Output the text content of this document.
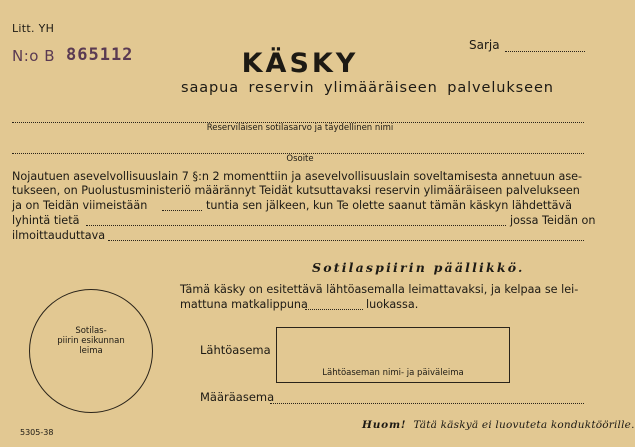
Litt. YH
N:o B 865112	Sarja
KÄSKY
saapua reservin ylimääräiseen palvelukseen
Reserviläisen sotilasarvo ja täydellinen nimi
Osoite
Nojautuen asevelvollisuuslain 7 §:n 2 momenttiin ja asevelvollisuuslain soveltamisesta annetuun ase-
tukseen, on Puolustusministeriö määrännyt Teidät kutsuttavaksi reservin ylimääräiseen palvelukseen
ja on Teidän viimeistään	tuntia sen jälkeen, kun Te olette saanut tämän käskyn lähdettävä
lyhintä tietä	jossa Teidän on
ilmoittauduttava
Sotilaspiirin päällikkö.
Tämä käsky on esitettävä lähtöasemalla leimattavaksi, ja kelpaa se lei-
mattuna matkalippuna	luokassa.
Sotilas-
piirin esikunnan
leima	Lähtöasema
Lähtöaseman nimi- ja päiväleima
Määräasema
5305-38
Huom! Tätä käskyä ei luovuteta konduktöörille.
